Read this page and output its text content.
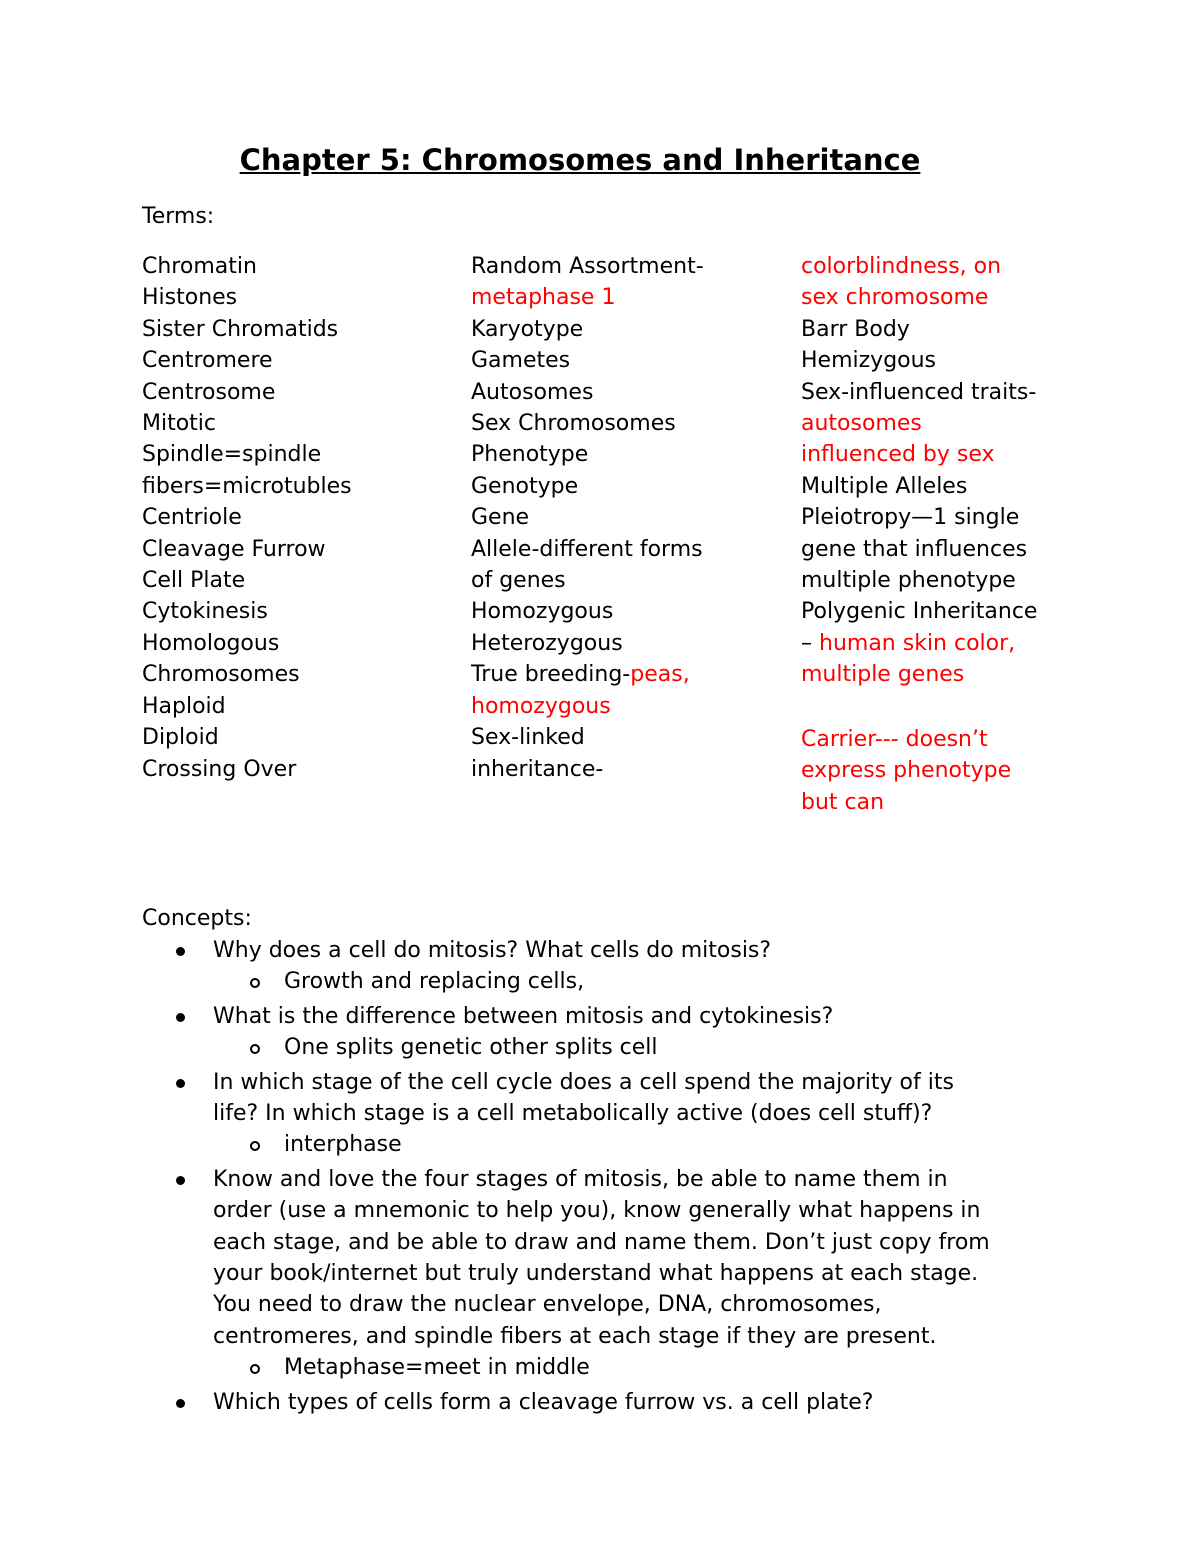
Chapter 5: Chromosomes and Inheritance
Terms:
Chromatin
Histones
Sister Chromatids
Centromere
Centrosome
Mitotic
Spindle=spindle
fibers=microtubles
Centriole
Cleavage Furrow
Cell Plate
Cytokinesis
Homologous
Chromosomes
Haploid
Diploid
Crossing Over
Random Assortment-
metaphase 1
Karyotype
Gametes
Autosomes
Sex Chromosomes
Phenotype
Genotype
Gene
Allele-different forms
of genes
Homozygous
Heterozygous
True breeding-peas,
homozygous
Sex-linked
inheritance-
colorblindness, on
sex chromosome
Barr Body
Hemizygous
Sex-influenced traits-
autosomes
influenced by sex
Multiple Alleles
Pleiotropy—1 single
gene that influences
multiple phenotype
Polygenic Inheritance
– human skin color,
multiple genes
Carrier--- doesn’t
express phenotype
but can
Concepts:
Why does a cell do mitosis? What cells do mitosis?
Growth and replacing cells,
What is the difference between mitosis and cytokinesis?
One splits genetic other splits cell
In which stage of the cell cycle does a cell spend the majority of its
life? In which stage is a cell metabolically active (does cell stuff)?
interphase
Know and love the four stages of mitosis, be able to name them in
order (use a mnemonic to help you), know generally what happens in
each stage, and be able to draw and name them. Don’t just copy from
your book/internet but truly understand what happens at each stage.
You need to draw the nuclear envelope, DNA, chromosomes,
centromeres, and spindle fibers at each stage if they are present.
Metaphase=meet in middle
Which types of cells form a cleavage furrow vs. a cell plate?
